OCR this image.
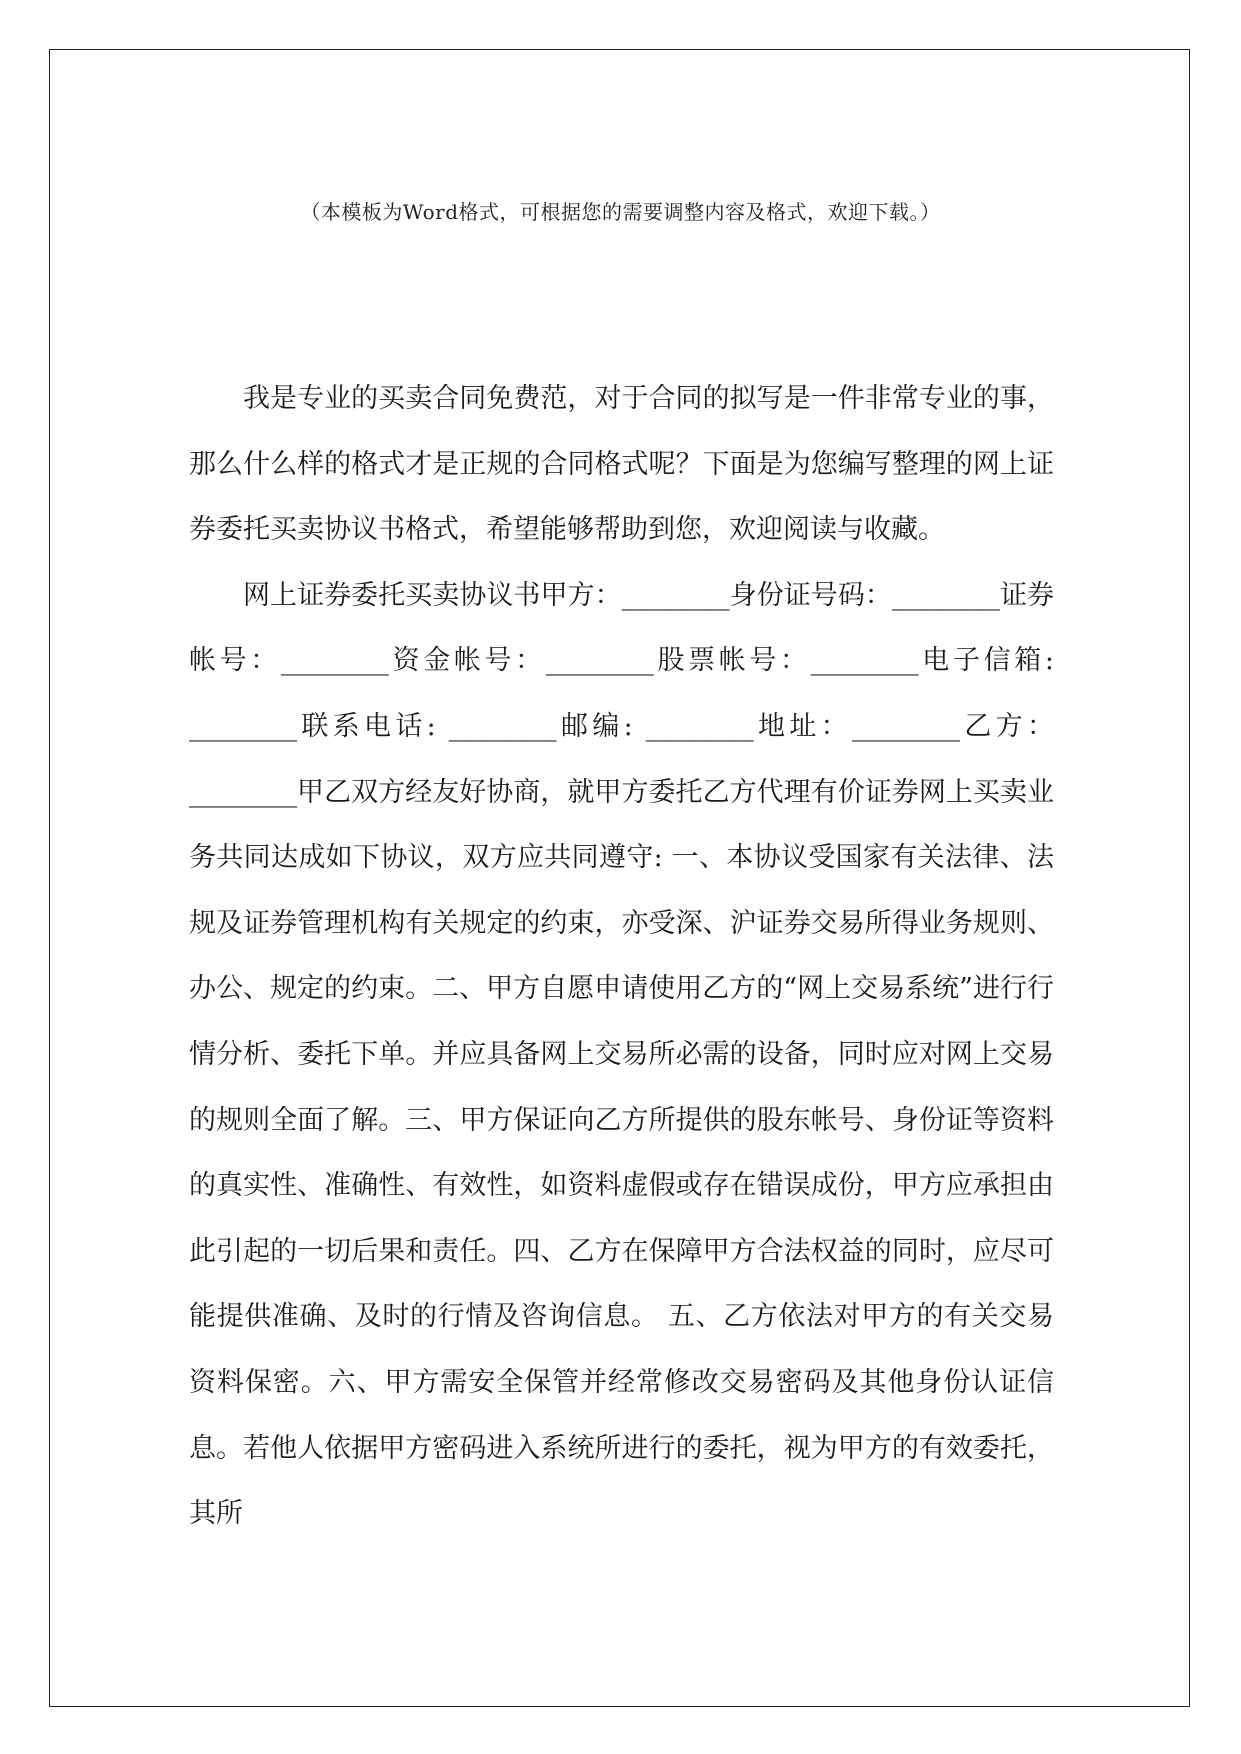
（本模板为Word格式，可根据您的需要调整内容及格式，欢迎下载。）

我是专业的买卖合同免费范，对于合同的拟写是一件非常专业的事，那么什么样的格式才是正规的合同格式呢？下面是为您编写整理的网上证券委托买卖协议书格式，希望能够帮助到您，欢迎阅读与收藏。

网上证券委托买卖协议书甲方：________身份证号码：________证券帐号：________资金帐号：________股票帐号：________电子信箱: ________联系电话: ________邮编: ________地址：________乙方：________甲乙双方经友好协商，就甲方委托乙方代理有价证券网上买卖业务共同达成如下协议，双方应共同遵守: 一、本协议受国家有关法律、法规及证券管理机构有关规定的约束，亦受深、沪证券交易所得业务规则、办公、规定的约束。二、甲方自愿申请使用乙方的“网上交易系统”进行行情分析、委托下单。并应具备网上交易所必需的设备，同时应对网上交易的规则全面了解。三、甲方保证向乙方所提供的股东帐号、身份证等资料的真实性、准确性、有效性，如资料虚假或存在错误成份，甲方应承担由此引起的一切后果和责任。四、乙方在保障甲方合法权益的同时，应尽可能提供准确、及时的行情及咨询信息。 五、乙方依法对甲方的有关交易资料保密。六、甲方需安全保管并经常修改交易密码及其他身份认证信息。若他人依据甲方密码进入系统所进行的委托，视为甲方的有效委托，其所
